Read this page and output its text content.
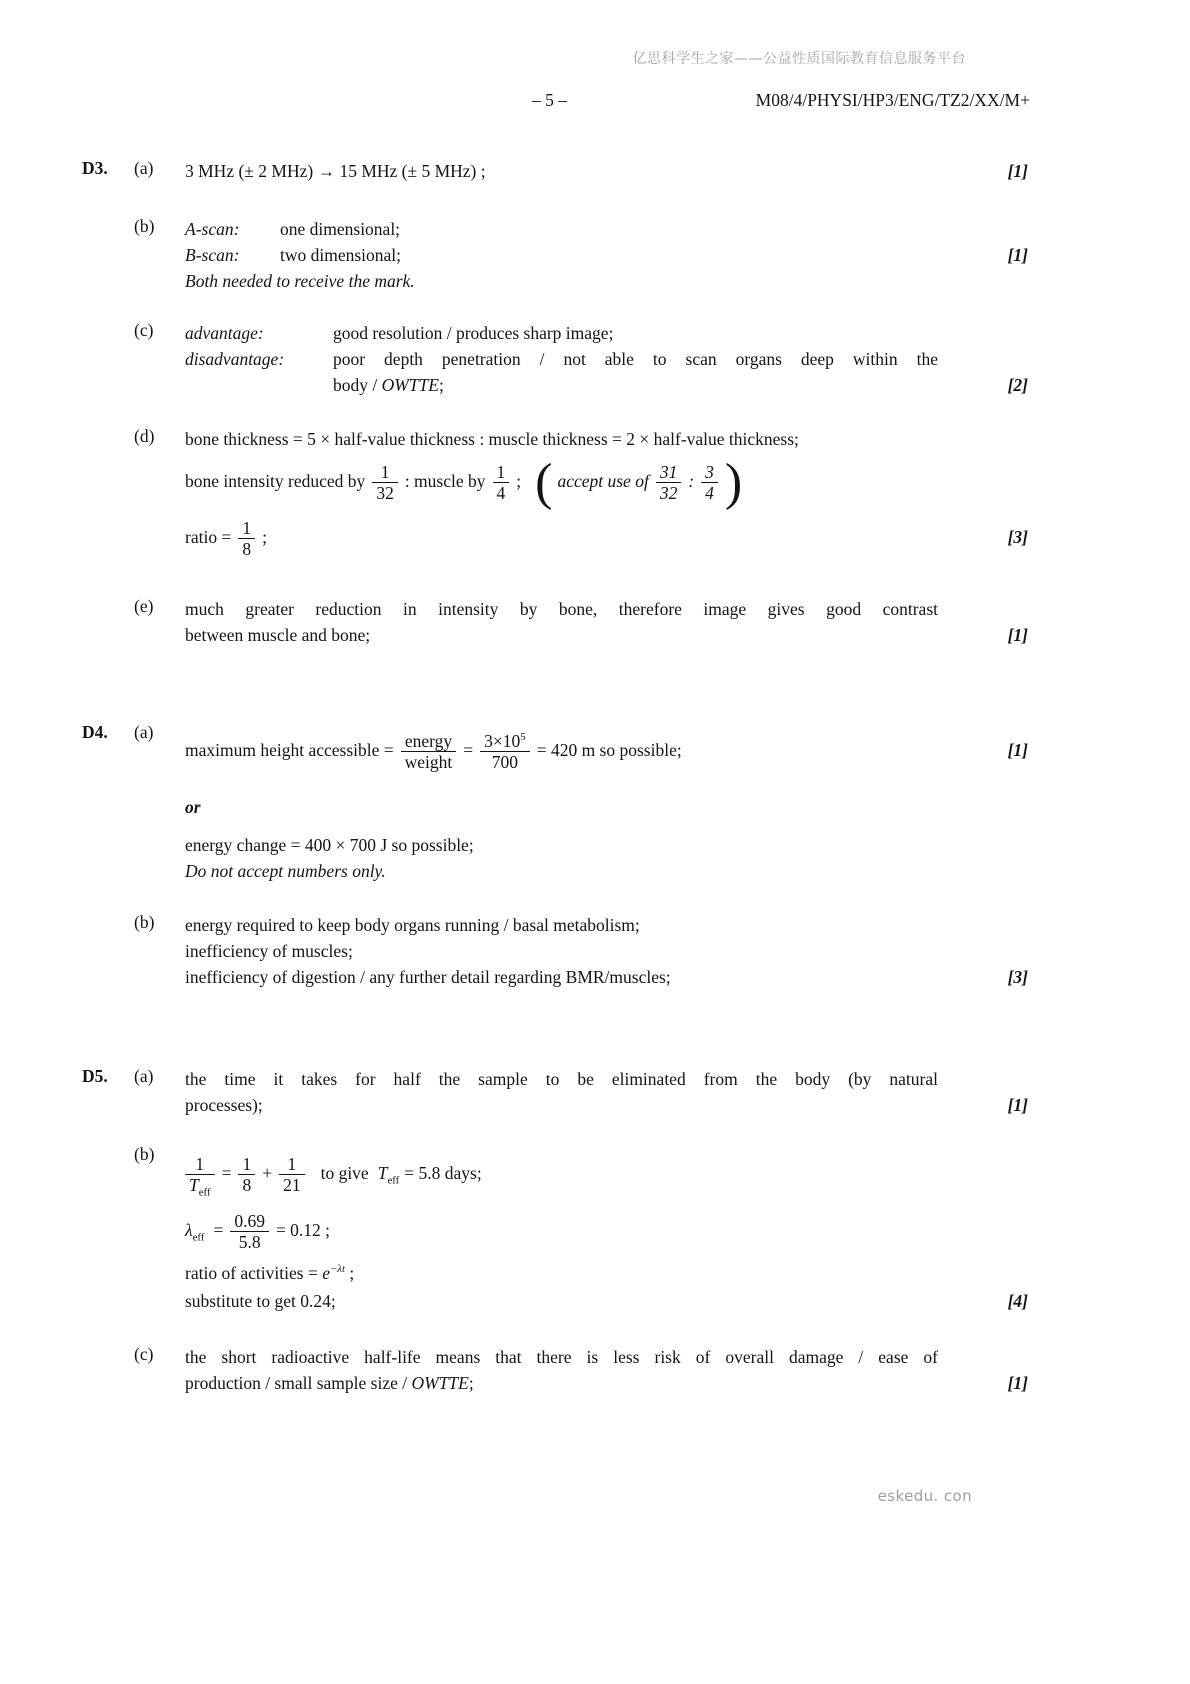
亿思科学生之家——公益性质国际教育信息服务平台
– 5 –	M08/4/PHYSI/HP3/ENG/TZ2/XX/M+
D3.	(a)	3 MHz (± 2 MHz) → 15 MHz (± 5 MHz) ;	[1]
(b)	A-scan:	one dimensional;
B-scan:	two dimensional;
Both needed to receive the mark.
[1]
(c)	advantage:	good resolution / produces sharp image;
disadvantage:	poor depth penetration / not able to scan organs deep within the
body / OWTTE;	[2]
(d)	bone thickness = 5 × half-value thickness : muscle thickness = 2 × half-value thickness;
bone intensity reduced by $\frac{1}{32}$ : muscle by $\frac{1}{4}$ ; ( accept use of $\frac{31}{32}$ : $\frac{3}{4}$ )
ratio = $\frac{1}{8}$ ;	[3]
(e)	much greater reduction in intensity by bone, therefore image gives good contrast
between muscle and bone;	[1]
D4.	(a)
maximum height accessible = $\frac{\text{energy}}{\text{weight}} = \frac{3\times 10^5}{700} = 420$ m so possible;
or
energy change = 400 × 700 J so possible;
Do not accept numbers only.
[1]
(b)	energy required to keep body organs running / basal metabolism;
inefficiency of muscles;
inefficiency of digestion / any further detail regarding BMR/muscles;	[3]
D5.	(a)	the time it takes for half the sample to be eliminated from the body (by natural
processes);	[1]
(b)
$\frac{1}{T_{eff}} = \frac{1}{8} + \frac{1}{21}$ to give $T_{eff} = 5.8$ days;
$\lambda_{eff} = \frac{0.69}{5.8} = 0.12$ ;
ratio of activities = $e^{-\lambda t}$ ;
substitute to get 0.24;	[4]
(c)	the short radioactive half-life means that there is less risk of overall damage / ease of
production / small sample size / OWTTE;	[1]
eskedu. con
